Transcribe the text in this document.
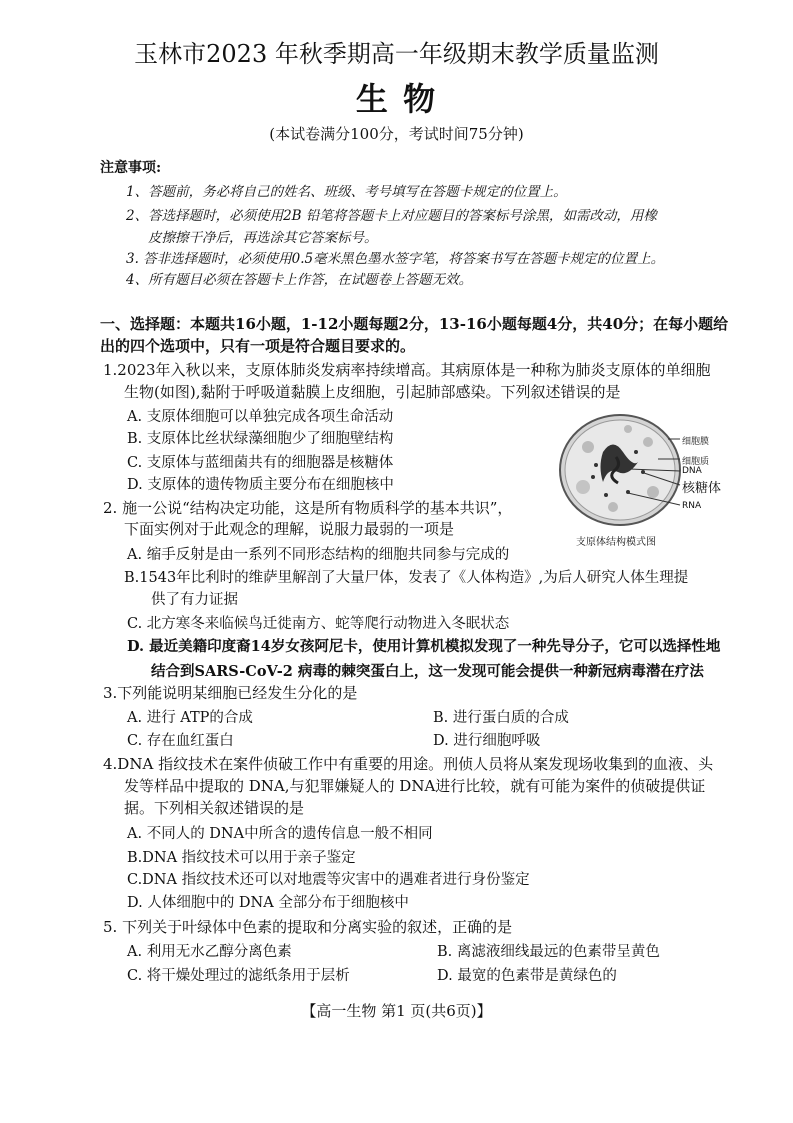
玉林市2023 年秋季期高一年级期末教学质量监测
生 物
(本试卷满分100分，考试时间75分钟)
注意事项:
1、答题前，务必将自己的姓名、班级、考号填写在答题卡规定的位置上。
2、答选择题时，必须使用2B 铅笔将答题卡上对应题目的答案标号涂黑，如需改动，用橡
皮擦擦干净后，再选涂其它答案标号。
3. 答非选择题时，必须使用0.5毫米黑色墨水签字笔，将答案书写在答题卡规定的位置上。
4、所有题目必须在答题卡上作答，在试题卷上答题无效。
一、选择题：本题共16小题，1-12小题每题2分，13-16小题每题4分，共40分；在每小题给
出的四个选项中，只有一项是符合题目要求的。
1.2023年入秋以来，支原体肺炎发病率持续增高。其病原体是一种称为肺炎支原体的单细胞
生物(如图),黏附于呼吸道黏膜上皮细胞，引起肺部感染。下列叙述错误的是
A. 支原体细胞可以单独完成各项生命活动
B. 支原体比丝状绿藻细胞少了细胞壁结构
C. 支原体与蓝细菌共有的细胞器是核糖体
D. 支原体的遗传物质主要分布在细胞核中
细胞膜
细胞质
DNA
核糖体
RNA
支原体结构模式图
2. 施一公说“结构决定功能，这是所有物质科学的基本共识”，
下面实例对于此观念的理解，说服力最弱的一项是
A. 缩手反射是由一系列不同形态结构的细胞共同参与完成的
B.1543年比利时的维萨里解剖了大量尸体，发表了《人体构造》,为后人研究人体生理提
供了有力证据
C. 北方寒冬来临候鸟迁徙南方、蛇等爬行动物进入冬眠状态
D. 最近美籍印度裔14岁女孩阿尼卡，使用计算机模拟发现了一种先导分子，它可以选择性地
结合到SARS-CoV-2 病毒的棘突蛋白上，这一发现可能会提供一种新冠病毒潜在疗法
3.下列能说明某细胞已经发生分化的是
A. 进行 ATP的合成	B. 进行蛋白质的合成
C. 存在血红蛋白	D. 进行细胞呼吸
4.DNA 指纹技术在案件侦破工作中有重要的用途。刑侦人员将从案发现场收集到的血液、头
发等样品中提取的 DNA,与犯罪嫌疑人的 DNA进行比较，就有可能为案件的侦破提供证
据。下列相关叙述错误的是
A. 不同人的 DNA中所含的遗传信息一般不相同
B.DNA 指纹技术可以用于亲子鉴定
C.DNA 指纹技术还可以对地震等灾害中的遇难者进行身份鉴定
D. 人体细胞中的 DNA 全部分布于细胞核中
5. 下列关于叶绿体中色素的提取和分离实验的叙述，正确的是
A. 利用无水乙醇分离色素	B. 离滤液细线最远的色素带呈黄色
C. 将干燥处理过的滤纸条用于层析	D. 最宽的色素带是黄绿色的
【高一生物 第1 页(共6页)】
